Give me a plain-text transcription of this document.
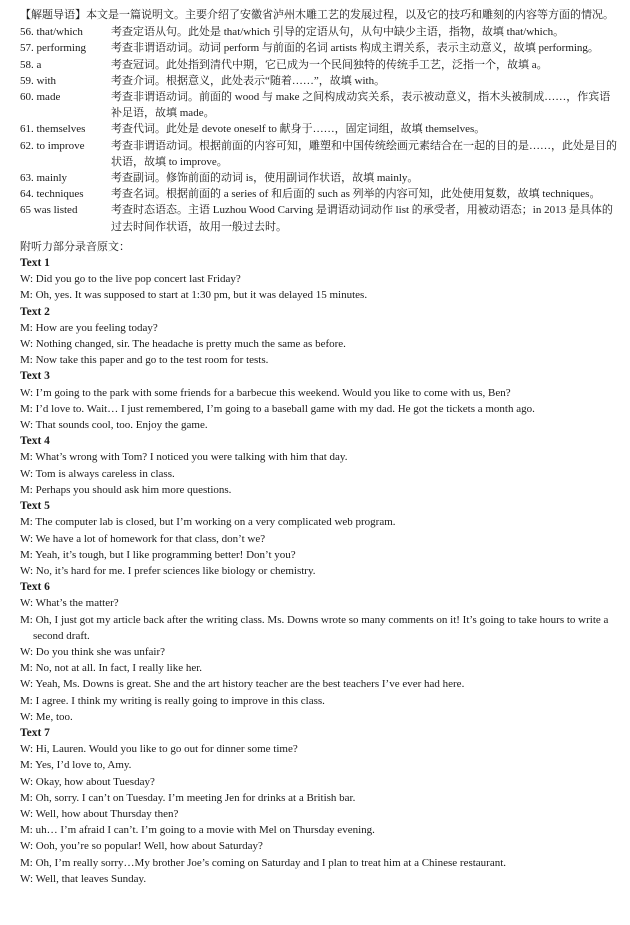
【解题导语】本文是一篇说明文。主要介绍了安徽省泸州木雕工艺的发展过程，以及它的技巧和雕刻的内容等方面的情况。
56. that/which	考查定语从句。此处是 that/which 引导的定语从句，从句中缺少主语，指物，故填 that/which。
57. performing	考查非谓语动词。动词 perform 与前面的名词 artists 构成主谓关系，表示主动意义，故填 performing。
58. a	考查冠词。此处指到清代中期，它已成为一个民间独特的传统手工艺，泛指一个，故填 a。
59. with	考查介词。根据意义，此处表示“随着……”，故填 with。
60. made	考查非谓语动词。前面的 wood 与 make 之间构成动宾关系，表示被动意义，指木头被制成……，作宾语补足语，故填 made。
61. themselves	考查代词。此处是 devote oneself to 献身于……，固定词组，故填 themselves。
62. to improve	考查非谓语动词。根据前面的内容可知，雕塑和中国传统绘画元素结合在一起的目的是……，此处是目的状语，故填 to improve。
63. mainly	考查副词。修饰前面的动词 is，使用副词作状语，故填 mainly。
64. techniques	考查名词。根据前面的 a series of 和后面的 such as 列举的内容可知，此处使用复数，故填 techniques。
65 was listed	考查时态语态。主语 Luzhou Wood Carving 是谓语动词动作 list 的承受者，用被动语态；in 2013 是具体的过去时间作状语，故用一般过去时。
附听力部分录音原文：
Text 1
W: Did you go to the live pop concert last Friday?
M: Oh, yes. It was supposed to start at 1:30 pm, but it was delayed 15 minutes.
Text 2
M: How are you feeling today?
W: Nothing changed, sir. The headache is pretty much the same as before.
M: Now take this paper and go to the test room for tests.
Text 3
W: I’m going to the park with some friends for a barbecue this weekend. Would you like to come with us, Ben?
M: I’d love to. Wait… I just remembered, I’m going to a baseball game with my dad. He got the tickets a month ago.
W: That sounds cool, too. Enjoy the game.
Text 4
M: What’s wrong with Tom? I noticed you were talking with him that day.
W: Tom is always careless in class.
M: Perhaps you should ask him more questions.
Text 5
M: The computer lab is closed, but I’m working on a very complicated web program.
W: We have a lot of homework for that class, don’t we?
M: Yeah, it’s tough, but I like programming better! Don’t you?
W: No, it’s hard for me. I prefer sciences like biology or chemistry.
Text 6
W: What’s the matter?
M: Oh, I just got my article back after the writing class. Ms. Downs wrote so many comments on it! It’s going to take hours to write a second draft.
W: Do you think she was unfair?
M: No, not at all. In fact, I really like her.
W: Yeah, Ms. Downs is great. She and the art history teacher are the best teachers I’ve ever had here.
M: I agree. I think my writing is really going to improve in this class.
W: Me, too.
Text 7
W: Hi, Lauren. Would you like to go out for dinner some time?
M: Yes, I’d love to, Amy.
W: Okay, how about Tuesday?
M: Oh, sorry. I can’t on Tuesday. I’m meeting Jen for drinks at a British bar.
W: Well, how about Thursday then?
M: uh… I’m afraid I can’t. I’m going to a movie with Mel on Thursday evening.
W: Ooh, you’re so popular! Well, how about Saturday?
M: Oh, I’m really sorry…My brother Joe’s coming on Saturday and I plan to treat him at a Chinese restaurant.
W: Well, that leaves Sunday.
